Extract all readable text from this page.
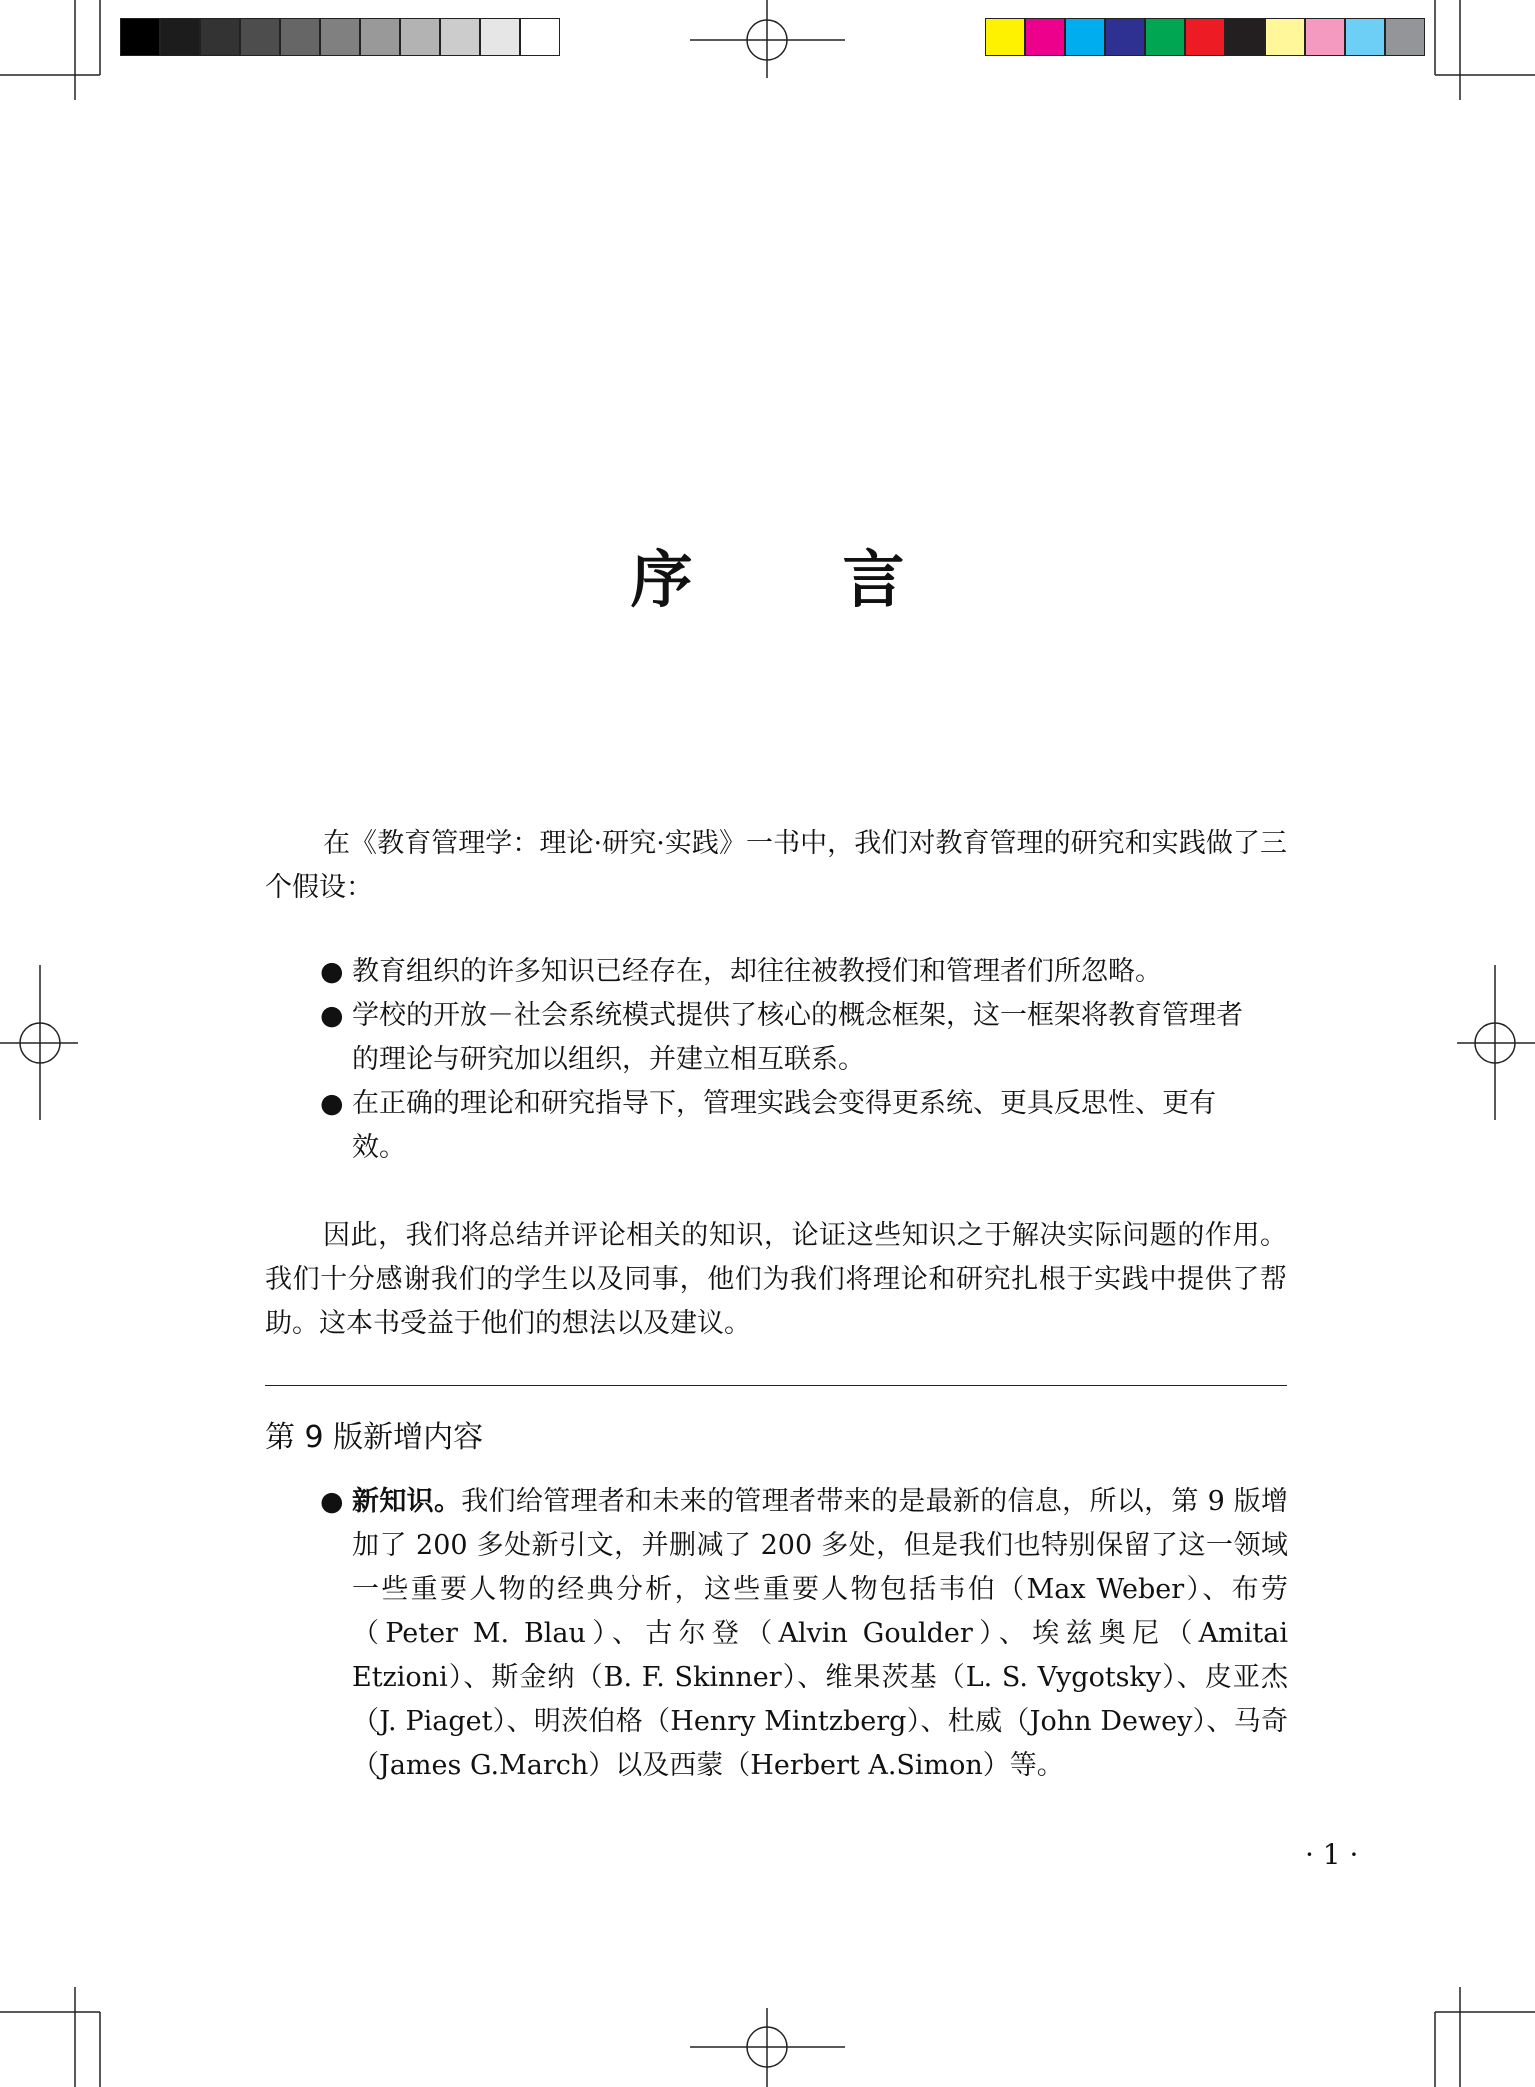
序 言

在《教育管理学：理论·研究·实践》一书中，我们对教育管理的研究和实践做了三个假设：

● 教育组织的许多知识已经存在，却往往被教授们和管理者们所忽略。
● 学校的开放－社会系统模式提供了核心的概念框架，这一框架将教育管理者的理论与研究加以组织，并建立相互联系。
● 在正确的理论和研究指导下，管理实践会变得更系统、更具反思性、更有效。

因此，我们将总结并评论相关的知识，论证这些知识之于解决实际问题的作用。我们十分感谢我们的学生以及同事，他们为我们将理论和研究扎根于实践中提供了帮助。这本书受益于他们的想法以及建议。

第 9 版新增内容
● 新知识。我们给管理者和未来的管理者带来的是最新的信息，所以，第 9 版增加了 200 多处新引文，并删减了 200 多处，但是我们也特别保留了这一领域一些重要人物的经典分析，这些重要人物包括韦伯（Max Weber）、布劳（Peter M. Blau）、古尔登（Alvin Goulder）、埃兹奥尼（Amitai Etzioni）、斯金纳（B. F. Skinner）、维果茨基（L. S. Vygotsky）、皮亚杰（J. Piaget）、明茨伯格（Henry Mintzberg）、杜威（John Dewey）、马奇（James G.March）以及西蒙（Herbert A.Simon）等。
· 1 ·
